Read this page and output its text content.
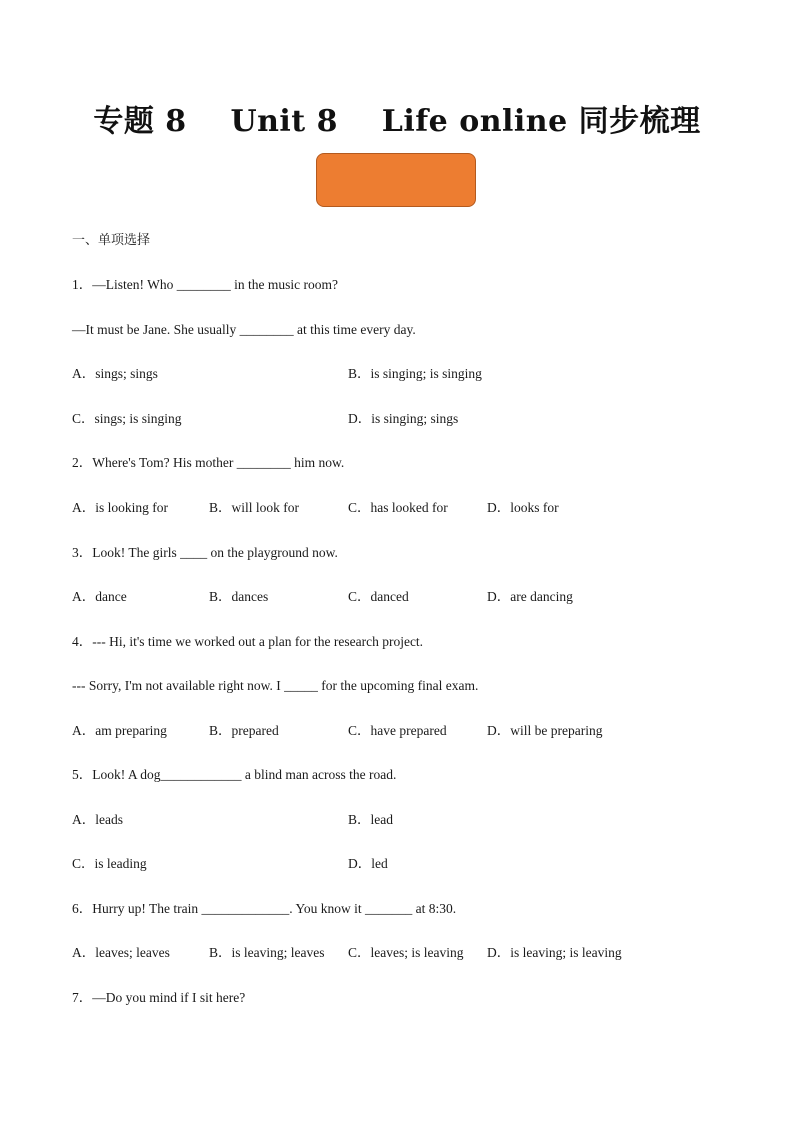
专题 8    Unit 8    Life online 同步梳理
一、单项选择
1．—Listen! Who ________ in the music room?
—It must be Jane. She usually ________ at this time every day.
A．sings; sings	B．is singing; is singing
C．sings; is singing	D．is singing; sings
2．Where's Tom? His mother ________ him now.
A．is looking for	B．will look for	C．has looked for	D．looks for
3．Look! The girls ____ on the playground now.
A．dance	B．dances	C．danced	D．are dancing
4．--- Hi, it's time we worked out a plan for the research project.
--- Sorry, I'm not available right now. I _____ for the upcoming final exam.
A．am preparing	B．prepared	C．have prepared	D．will be preparing
5．Look! A dog____________ a blind man across the road.
A．leads	B．lead
C．is leading	D．led
6．Hurry up! The train _____________. You know it _______ at 8:30.
A．leaves; leaves	B．is leaving; leaves C．leaves; is leaving D．is leaving; is leaving
7．—Do you mind if I sit here?
